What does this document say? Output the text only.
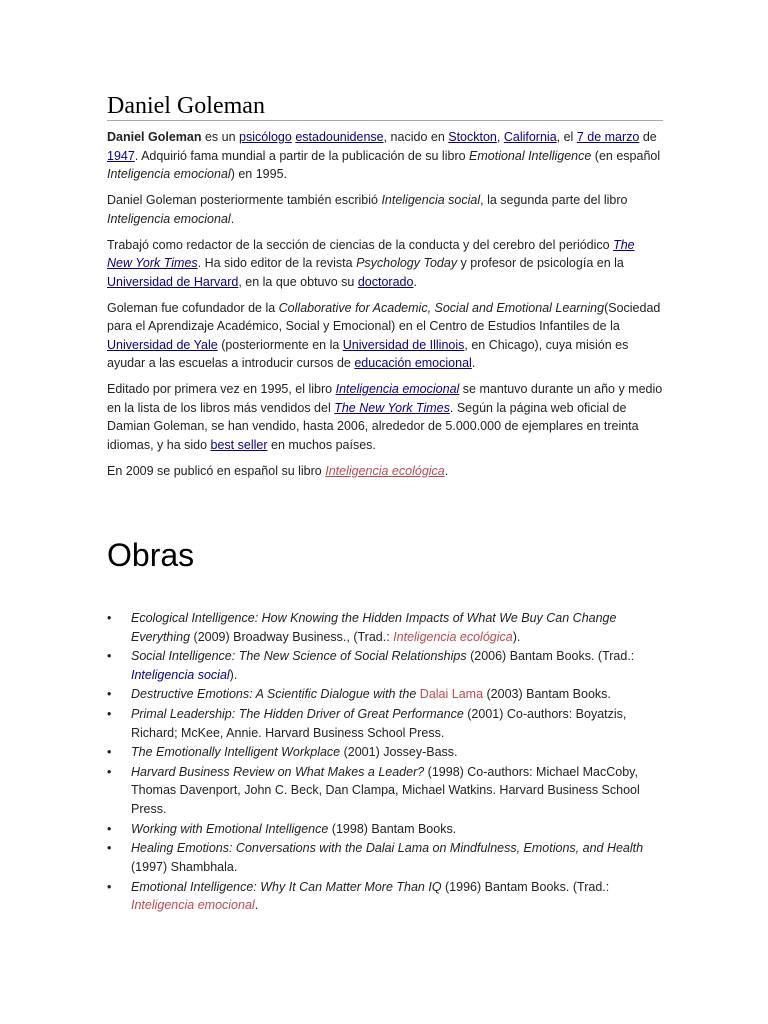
Daniel Goleman

Daniel Goleman es un psicólogo estadounidense, nacido en Stockton, California, el 7 de marzo de 1947. Adquirió fama mundial a partir de la publicación de su libro Emotional Intelligence (en español Inteligencia emocional) en 1995.

Daniel Goleman posteriormente también escribió Inteligencia social, la segunda parte del libro Inteligencia emocional.

Trabajó como redactor de la sección de ciencias de la conducta y del cerebro del periódico The New York Times. Ha sido editor de la revista Psychology Today y profesor de psicología en la Universidad de Harvard, en la que obtuvo su doctorado.

Goleman fue cofundador de la Collaborative for Academic, Social and Emotional Learning(Sociedad para el Aprendizaje Académico, Social y Emocional) en el Centro de Estudios Infantiles de la Universidad de Yale (posteriormente en la Universidad de Illinois, en Chicago), cuya misión es ayudar a las escuelas a introducir cursos de educación emocional.

Editado por primera vez en 1995, el libro Inteligencia emocional se mantuvo durante un año y medio en la lista de los libros más vendidos del The New York Times. Según la página web oficial de Damian Goleman, se han vendido, hasta 2006, alrededor de 5.000.000 de ejemplares en treinta idiomas, y ha sido best seller en muchos países.

En 2009 se publicó en español su libro Inteligencia ecológica.

Obras
• Ecological Intelligence: How Knowing the Hidden Impacts of What We Buy Can Change Everything (2009) Broadway Business., (Trad.: Inteligencia ecológica).
• Social Intelligence: The New Science of Social Relationships (2006) Bantam Books. (Trad.: Inteligencia social).
• Destructive Emotions: A Scientific Dialogue with the Dalai Lama (2003) Bantam Books.
• Primal Leadership: The Hidden Driver of Great Performance (2001) Co-authors: Boyatzis, Richard; McKee, Annie. Harvard Business School Press.
• The Emotionally Intelligent Workplace (2001) Jossey-Bass.
• Harvard Business Review on What Makes a Leader? (1998) Co-authors: Michael MacCoby, Thomas Davenport, John C. Beck, Dan Clampa, Michael Watkins. Harvard Business School Press.
• Working with Emotional Intelligence (1998) Bantam Books.
• Healing Emotions: Conversations with the Dalai Lama on Mindfulness, Emotions, and Health (1997) Shambhala.
• Emotional Intelligence: Why It Can Matter More Than IQ (1996) Bantam Books. (Trad.: Inteligencia emocional.
